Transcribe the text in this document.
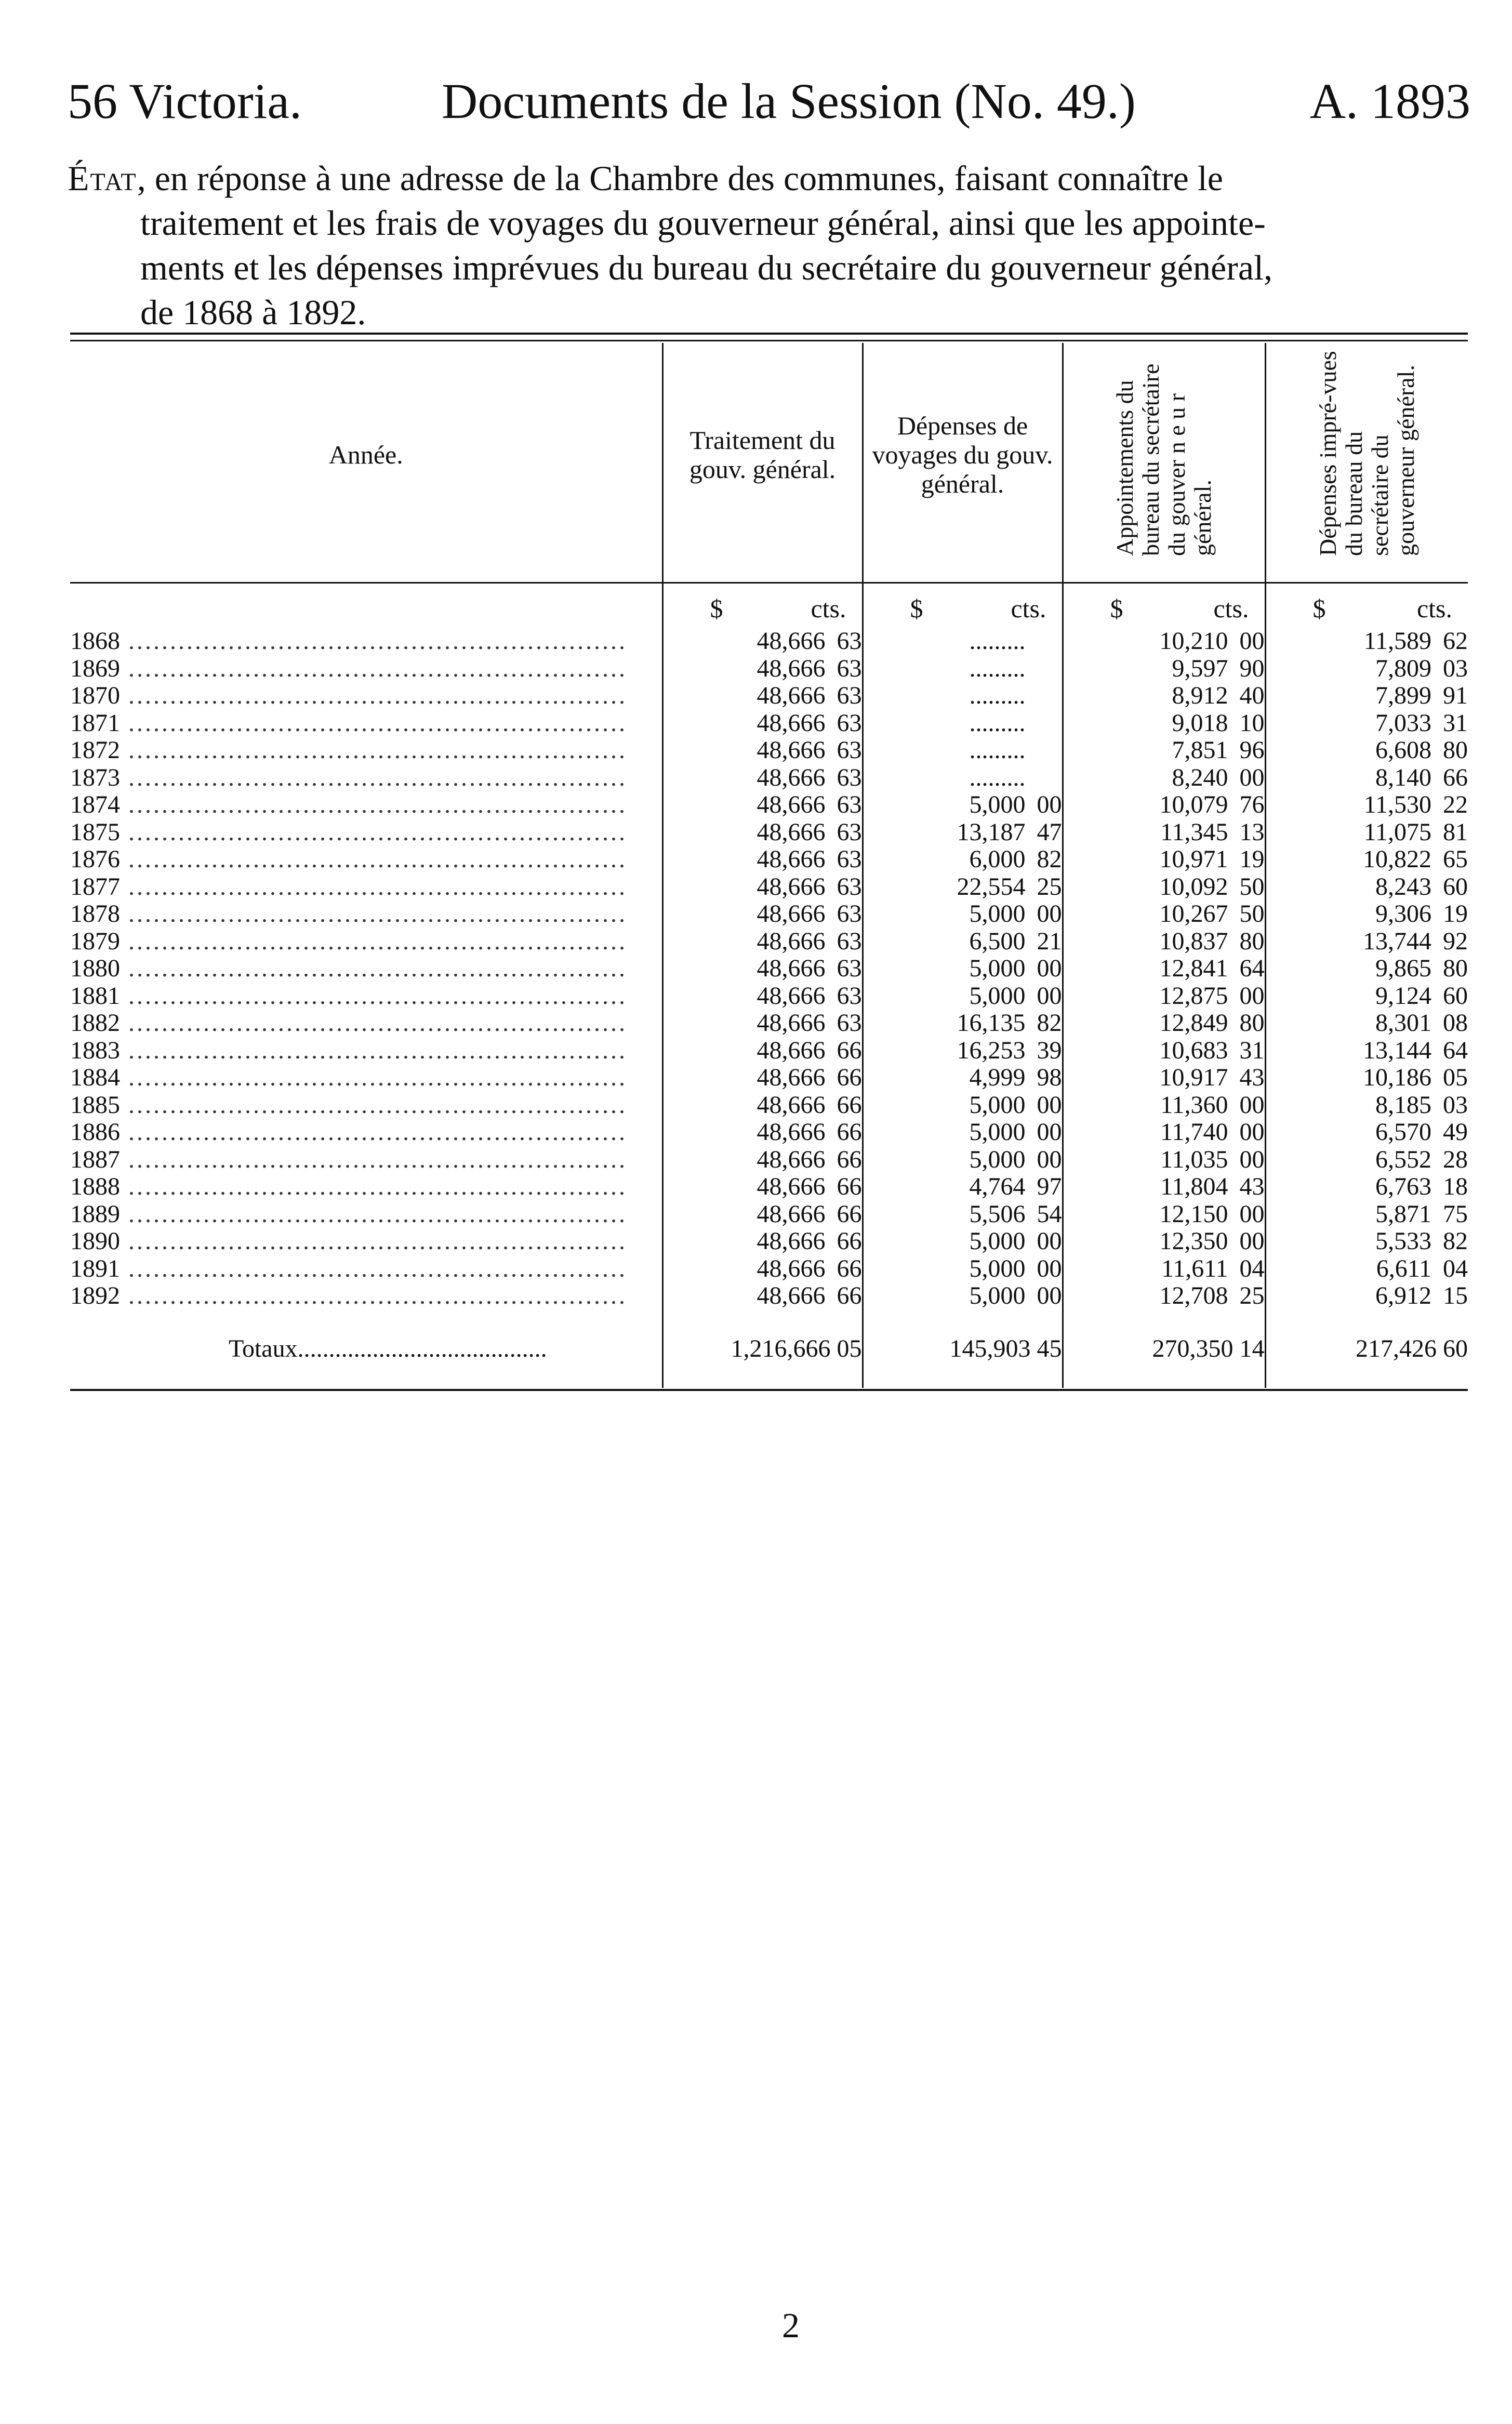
56 Victoria.	Documents de la Session (No. 49.)	A. 1893
État, en réponse à une adresse de la Chambre des communes, faisant connaître le
traitement et les frais de voyages du gouverneur général, ainsi que les appointe-
ments et les dépenses imprévues du bureau du secrétaire du gouverneur général,
de 1868 à 1892.
Année.	Traitement du gouv. général.	Dépenses de voyages du gouv. général.	Appointements du bureau du secrétaire du gouver n e u r général.	Dépenses impré-vues du bureau du secrétaire du gouverneur général.

	$ cts.	$ cts.	$ cts.	$ cts.

1868 ............................................................	48,666 63	.........	10,210 00	11,589 62
1869 ............................................................	48,666 63	.........	9,597 90	7,809 03
1870 ............................................................	48,666 63	.........	8,912 40	7,899 91
1871 ............................................................	48,666 63	.........	9,018 10	7,033 31
1872 ............................................................	48,666 63	.........	7,851 96	6,608 80
1873 ............................................................	48,666 63	.........	8,240 00	8,140 66
1874 ............................................................	48,666 63	5,000 00	10,079 76	11,530 22
1875 ............................................................	48,666 63	13,187 47	11,345 13	11,075 81
1876 ............................................................	48,666 63	6,000 82	10,971 19	10,822 65
1877 ............................................................	48,666 63	22,554 25	10,092 50	8,243 60
1878 ............................................................	48,666 63	5,000 00	10,267 50	9,306 19
1879 ............................................................	48,666 63	6,500 21	10,837 80	13,744 92
1880 ............................................................	48,666 63	5,000 00	12,841 64	9,865 80
1881 ............................................................	48,666 63	5,000 00	12,875 00	9,124 60
1882 ............................................................	48,666 63	16,135 82	12,849 80	8,301 08
1883 ............................................................	48,666 66	16,253 39	10,683 31	13,144 64
1884 ............................................................	48,666 66	4,999 98	10,917 43	10,186 05
1885 ............................................................	48,666 66	5,000 00	11,360 00	8,185 03
1886 ............................................................	48,666 66	5,000 00	11,740 00	6,570 49
1887 ............................................................	48,666 66	5,000 00	11,035 00	6,552 28
1888 ............................................................	48,666 66	4,764 97	11,804 43	6,763 18
1889 ............................................................	48,666 66	5,506 54	12,150 00	5,871 75
1890 ............................................................	48,666 66	5,000 00	12,350 00	5,533 82
1891 ............................................................	48,666 66	5,000 00	11,611 04	6,611 04
1892 ............................................................	48,666 66	5,000 00	12,708 25	6,912 15

Totaux........................................	1,216,666 05	145,903 45	270,350 14	217,426 60

2
